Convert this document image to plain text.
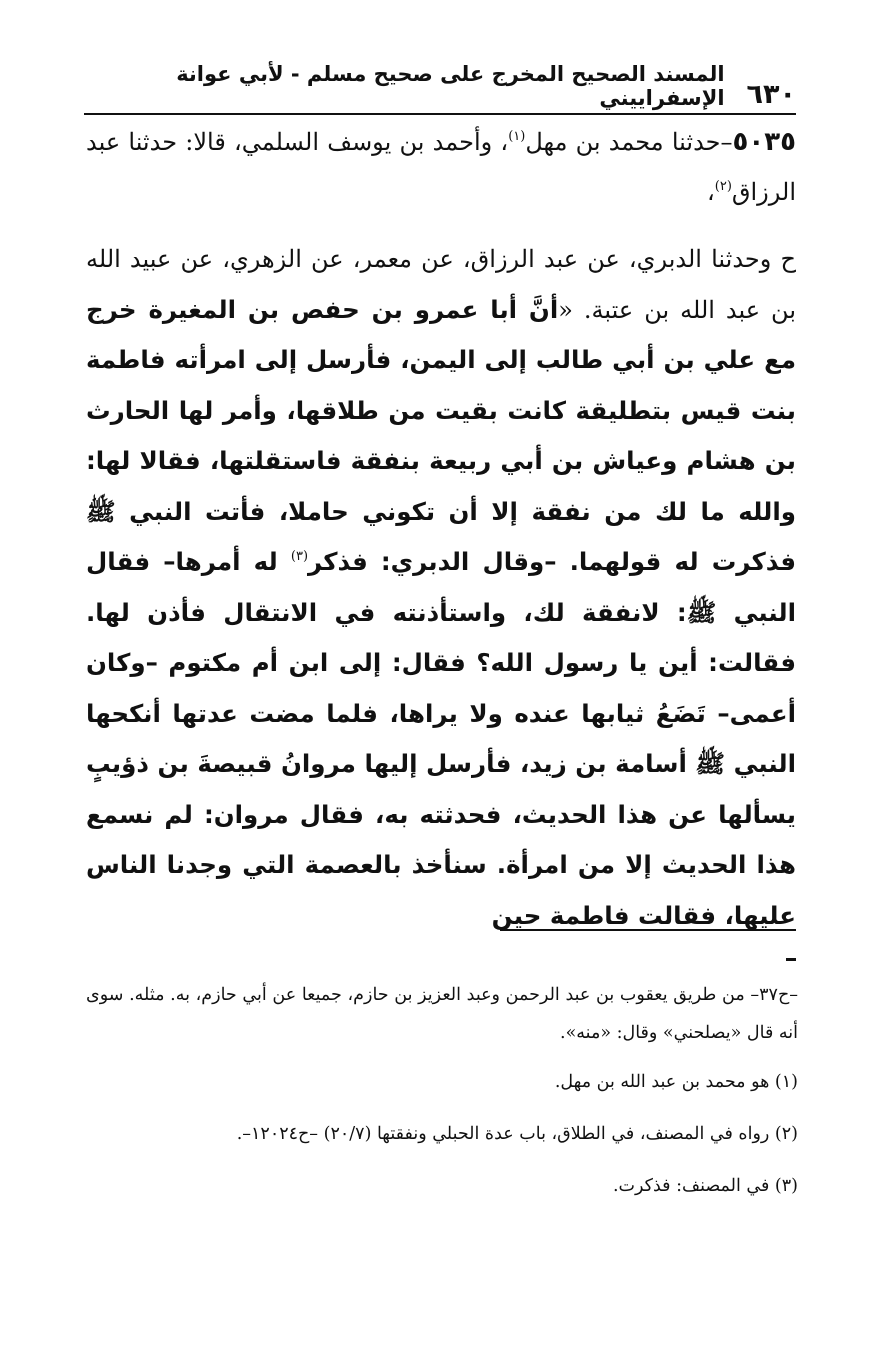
٦٣٠
المسند الصحيح المخرج على صحيح مسلم - لأبي عوانة الإسفراييني

٥٠٣٥–حدثنا محمد بن مهل$^{(١)}$، وأحمد بن يوسف السلمي، قالا: حدثنا عبد الرزاق$^{(٢)}$،

ح وحدثنا الدبري، عن عبد الرزاق، عن معمر، عن الزهري، عن عبيد الله بن عبد الله بن عتبة. «أنَّ أبا عمرو بن حفص بن المغيرة خرج مع علي بن أبي طالب إلى اليمن، فأرسل إلى امرأته فاطمة بنت قيس بتطليقة كانت بقيت من طلاقها، وأمر لها الحارث بن هشام وعياش بن أبي ربيعة بنفقة فاستقلتها، فقالا لها: والله ما لك من نفقة إلا أن تكوني حاملا، فأتت النبي ﷺ فذكرت له قولهما. –وقال الدبري: فذكر$^{(٣)}$ له أمرها– فقال النبي ﷺ: لانفقة لك، واستأذنته في الانتقال فأذن لها. فقالت: أين يا رسول الله؟ فقال: إلى ابن أم مكتوم –وكان أعمى– تَضَعُ ثيابها عنده ولا يراها، فلما مضت عدتها أنكحها النبي ﷺ أسامة بن زيد، فأرسل إليها مروانُ قبيصةَ بن ذؤيبٍ يسألها عن هذا الحديث، فحدثته به، فقال مروان: لم نسمع هذا الحديث إلا من امرأة. سنأخذ بالعصمة التي وجدنا الناس عليها، فقالت فاطمة حين

–ح٣٧– من طريق يعقوب بن عبد الرحمن وعبد العزيز بن حازم، جميعا عن أبي حازم، به. مثله. سوى أنه قال «يصلحني» وقال: «منه».

(١) هو محمد بن عبد الله بن مهل.

(٢) رواه في المصنف، في الطلاق، باب عدة الحبلي ونفقتها (٢٠/٧) –ح١٢٠٢٤–.

(٣) في المصنف: فذكرت.
